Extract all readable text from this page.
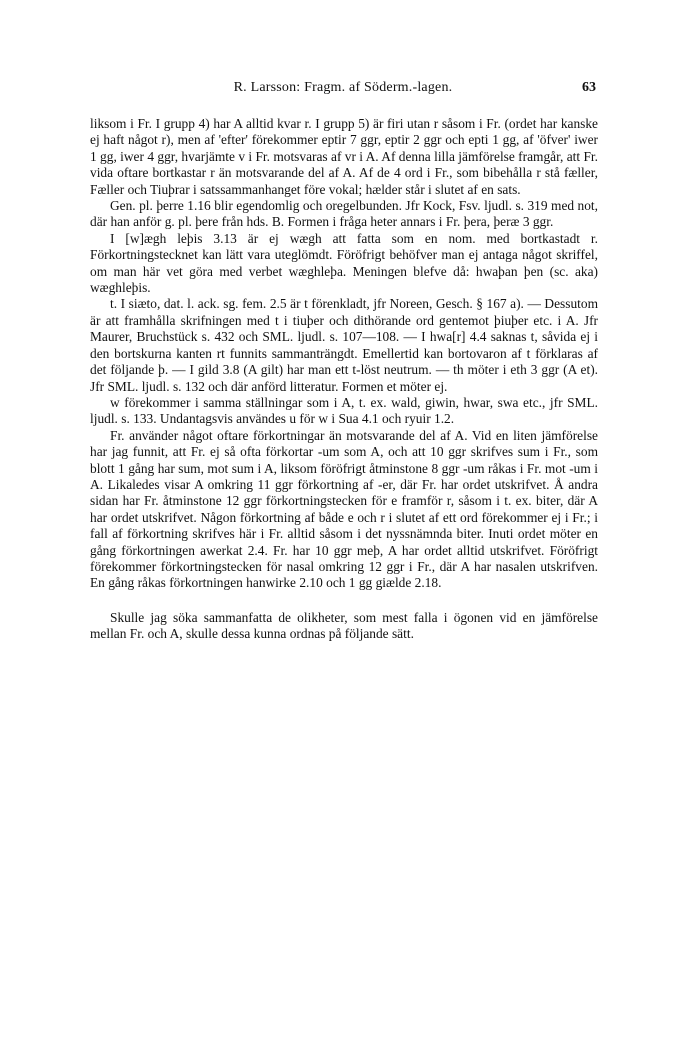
R. Larsson: Fragm. af Söderm.-lagen.	63

liksom i Fr. I grupp 4) har A alltid kvar r. I grupp 5) är firi utan r såsom i Fr. (ordet har kanske ej haft något r), men af 'efter' förekommer eptir 7 ggr, eptir 2 ggr och epti 1 gg, af 'öfver' iwer 1 gg, iwer 4 ggr, hvarjämte v i Fr. motsvaras af vr i A. Af denna lilla jämförelse framgår, att Fr. vida oftare bortkastar r än motsvarande del af A. Af de 4 ord i Fr., som bibehålla r stå fæller, Fæller och Tiuþrar i satssammanhanget före vokal; hælder står i slutet af en sats.

Gen. pl. þerre 1.16 blir egendomlig och oregelbunden. Jfr Kock, Fsv. ljudl. s. 319 med not, där han anför g. pl. þere från hds. B. Formen i fråga heter annars i Fr. þera, þeræ 3 ggr.

I [w]ægh leþis 3.13 är ej wægh att fatta som en nom. med bortkastadt r. Förkortningstecknet kan lätt vara uteglömdt. Föröfrigt behöfver man ej antaga något skriffel, om man här vet göra med verbet wæghleþa. Meningen blefve då: hwaþan þen (sc. aka) wæghleþis.

t. I siæto, dat. l. ack. sg. fem. 2.5 är t förenkladt, jfr Noreen, Gesch. § 167 a). — Dessutom är att framhålla skrifningen med t i tiuþer och dithörande ord gentemot þiuþer etc. i A. Jfr Maurer, Bruchstück s. 432 och SML. ljudl. s. 107—108. — I hwa[r] 4.4 saknas t, såvida ej i den bortskurna kanten rt funnits sammanträngdt. Emellertid kan bortovaron af t förklaras af det följande þ. — I gild 3.8 (A gilt) har man ett t-löst neutrum. — th möter i eth 3 ggr (A et). Jfr SML. ljudl. s. 132 och där anförd litteratur. Formen et möter ej.

w förekommer i samma ställningar som i A, t. ex. wald, giwin, hwar, swa etc., jfr SML. ljudl. s. 133. Undantagsvis användes u för w i Sua 4.1 och ryuir 1.2.

Fr. använder något oftare förkortningar än motsvarande del af A. Vid en liten jämförelse har jag funnit, att Fr. ej så ofta förkortar -um som A, och att 10 ggr skrifves sum i Fr., som blott 1 gång har sum, mot sum i A, liksom föröfrigt åtminstone 8 ggr -um råkas i Fr. mot -um i A. Likaledes visar A omkring 11 ggr förkortning af -er, där Fr. har ordet utskrifvet. Å andra sidan har Fr. åtminstone 12 ggr förkortningstecken för e framför r, såsom i t. ex. biter, där A har ordet utskrifvet. Någon förkortning af både e och r i slutet af ett ord förekommer ej i Fr.; i fall af förkortning skrifves här i Fr. alltid såsom i det nyssnämnda biter. Inuti ordet möter en gång förkortningen awerkat 2.4. Fr. har 10 ggr meþ, A har ordet alltid utskrifvet. Föröfrigt förekommer förkortningstecken för nasal omkring 12 ggr i Fr., där A har nasalen utskrifven. En gång råkas förkortningen hanwirke 2.10 och 1 gg giælde 2.18.

Skulle jag söka sammanfatta de olikheter, som mest falla i ögonen vid en jämförelse mellan Fr. och A, skulle dessa kunna ordnas på följande sätt.
